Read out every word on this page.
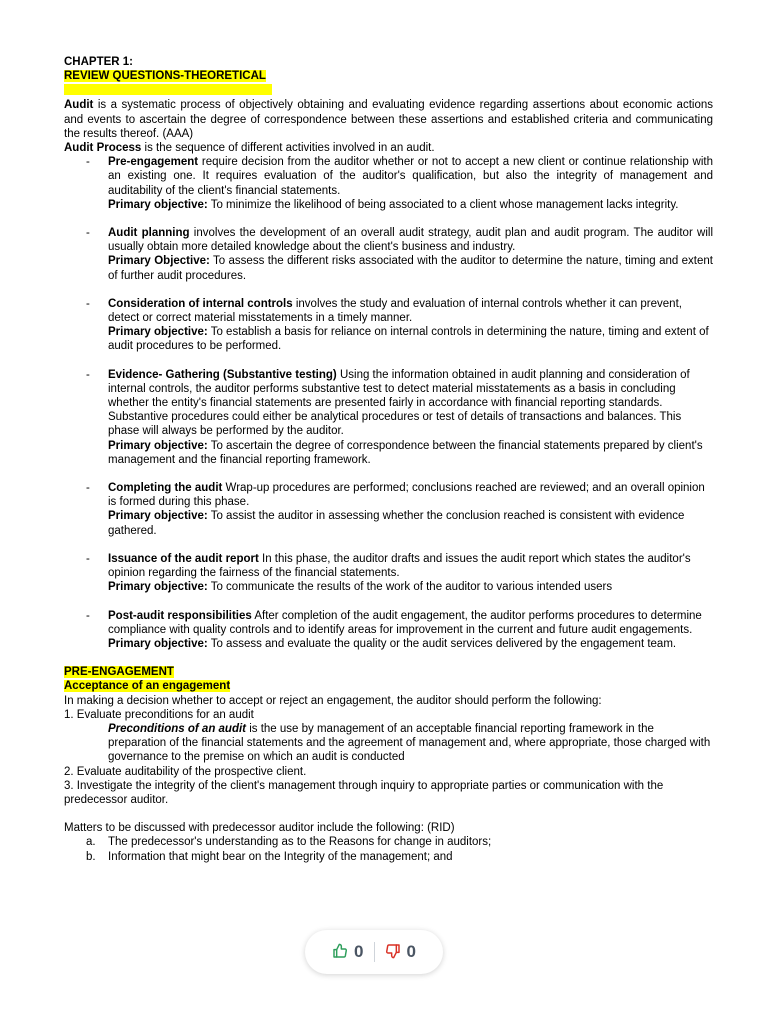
CHAPTER 1:
REVIEW QUESTIONS-THEORETICAL
Audit is a systematic process of objectively obtaining and evaluating evidence regarding assertions about economic actions and events to ascertain the degree of correspondence between these assertions and established criteria and communicating the results thereof. (AAA)
Audit Process is the sequence of different activities involved in an audit.
- Pre-engagement require decision from the auditor whether or not to accept a new client or continue relationship with an existing one. It requires evaluation of the auditor's qualification, but also the integrity of management and auditability of the client's financial statements.
Primary objective: To minimize the likelihood of being associated to a client whose management lacks integrity.
- Audit planning involves the development of an overall audit strategy, audit plan and audit program. The auditor will usually obtain more detailed knowledge about the client's business and industry.
Primary Objective: To assess the different risks associated with the auditor to determine the nature, timing and extent of further audit procedures.
- Consideration of internal controls involves the study and evaluation of internal controls whether it can prevent, detect or correct material misstatements in a timely manner.
Primary objective: To establish a basis for reliance on internal controls in determining the nature, timing and extent of audit procedures to be performed.
- Evidence- Gathering (Substantive testing) Using the information obtained in audit planning and consideration of internal controls, the auditor performs substantive test to detect material misstatements as a basis in concluding whether the entity's financial statements are presented fairly in accordance with financial reporting standards. Substantive procedures could either be analytical procedures or test of details of transactions and balances. This phase will always be performed by the auditor.
Primary objective: To ascertain the degree of correspondence between the financial statements prepared by client's management and the financial reporting framework.
- Completing the audit Wrap-up procedures are performed; conclusions reached are reviewed; and an overall opinion is formed during this phase.
Primary objective: To assist the auditor in assessing whether the conclusion reached is consistent with evidence gathered.
- Issuance of the audit report In this phase, the auditor drafts and issues the audit report which states the auditor's opinion regarding the fairness of the financial statements.
Primary objective: To communicate the results of the work of the auditor to various intended users
- Post-audit responsibilities After completion of the audit engagement, the auditor performs procedures to determine compliance with quality controls and to identify areas for improvement in the current and future audit engagements.
Primary objective: To assess and evaluate the quality or the audit services delivered by the engagement team.
PRE-ENGAGEMENT
Acceptance of an engagement
In making a decision whether to accept or reject an engagement, the auditor should perform the following:
1. Evaluate preconditions for an audit
Preconditions of an audit is the use by management of an acceptable financial reporting framework in the preparation of the financial statements and the agreement of management and, where appropriate, those charged with governance to the premise on which an audit is conducted
2. Evaluate auditability of the prospective client.
3. Investigate the integrity of the client's management through inquiry to appropriate parties or communication with the predecessor auditor.
Matters to be discussed with predecessor auditor include the following: (RID)
a. The predecessor's understanding as to the Reasons for change in auditors;
b. Information that might bear on the Integrity of the management; and
0	0
